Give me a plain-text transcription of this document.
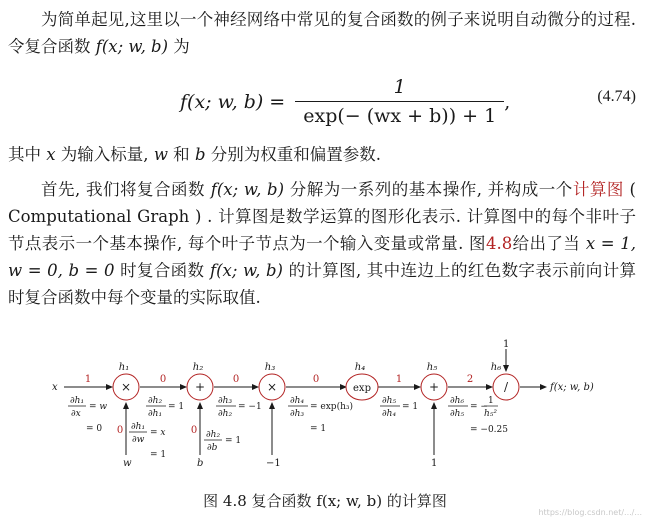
为简单起见,这里以一个神经网络中常见的复合函数的例子来说明自动微分的过程. 令复合函数 f(x; w, b) 为

f(x; w, $b) = \frac{1}{\exp(- (wx + b)) + 1}$ ,	(4.74)

其中 x 为输入标量, w 和 b 分别为权重和偏置参数.

首先, 我们将复合函数 f(x; w, b) 分解为一系列的基本操作, 并构成一个计算图 ( Computational Graph ) . 计算图是数学运算的图形化表示. 计算图中的每个非叶子节点表示一个基本操作, 每个叶子节点为一个输入变量或常量. 图4.8给出了当 x = 1, w = 0, b = 0 时复合函数 f(x; w, b) 的计算图, 其中连边上的红色数字表示前向计算时复合函数中每个变量的实际取值.

×	+	×	exp	+	/
h₁	h₂	h₃	h₄	h₅	h₆
x	f(x; w, b)
w	b	−1	1
1
1	0	0	0	1	2
0	0
∂h₁
∂x
= w
= 0	∂h₁
∂w
= x
= 1
∂h₂
∂h₁
= 1
∂h₂
∂b
= 1
∂h₃
∂h₂
= −1
∂h₄
∂h₃
= exp(h₃)
= 1
∂h₅
∂h₄
= 1
∂h₆
∂h₅
= −
1
h₅²
= −0.25
图 4.8 复合函数 f(x; w, b) 的计算图
https://blog.csdn.net/.../...
